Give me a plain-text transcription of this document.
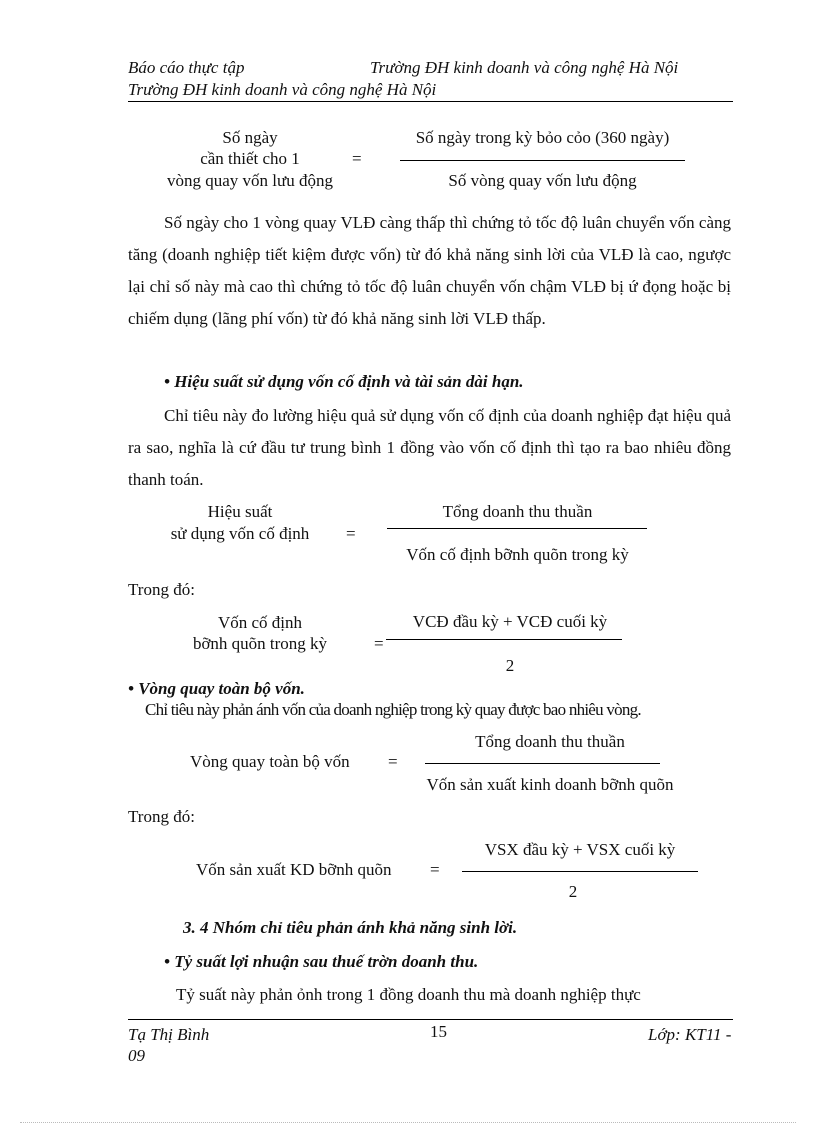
Báo cáo thực tập	Trường ĐH kinh doanh và công nghệ Hà Nội
Trường ĐH kinh doanh và công nghệ Hà Nội
Số ngày
cần thiết cho 1
vòng quay vốn lưu động
=
Số ngày trong kỳ bỏo cỏo (360 ngày)
Số vòng quay vốn lưu động
Số ngày cho 1 vòng quay VLĐ càng thấp thì chứng tỏ tốc độ luân chuyển vốn càng tăng (doanh nghiệp tiết kiệm được vốn) từ đó khả năng sinh lời của VLĐ là cao, ngược lại chỉ số này mà cao thì chứng tỏ tốc độ luân chuyển vốn chậm VLĐ bị ứ đọng hoặc bị chiếm dụng (lãng phí vốn) từ đó khả năng sinh lời VLĐ thấp.
• Hiệu suất sử dụng vốn cố định và tài sản dài hạn.
Chỉ tiêu này đo lường hiệu quả sử dụng vốn cố định của doanh nghiệp đạt hiệu quả ra sao, nghĩa là cứ đầu tư trung bình 1 đồng vào vốn cố định thì tạo ra bao nhiêu đồng thanh toán.
Hiệu suất
sử dụng vốn cố định	=
Tổng doanh thu thuần
Vốn cố định bỡnh quõn trong kỳ
Trong đó:
Vốn cố định
bỡnh quõn trong kỳ	=
VCĐ đầu kỳ + VCĐ cuối kỳ
2
• Vòng quay toàn bộ vốn.
Chỉ tiêu này phản ánh vốn của doanh nghiệp trong kỳ quay được bao nhiêu vòng.
Vòng quay toàn bộ vốn =
Tổng doanh thu thuần
Vốn sản xuất kinh doanh bỡnh quõn
Trong đó:
Vốn sản xuất KD bỡnh quõn =
VSX đầu kỳ + VSX cuối kỳ
2
3. 4 Nhóm chỉ tiêu phản ánh khả năng sinh lời.
• Tỷ suất lợi nhuận sau thuế trờn doanh thu.
Tỷ suất này phản ỏnh trong 1 đồng doanh thu mà doanh nghiệp thực
Tạ Thị Bình
09
15	Lớp: KT11 -
